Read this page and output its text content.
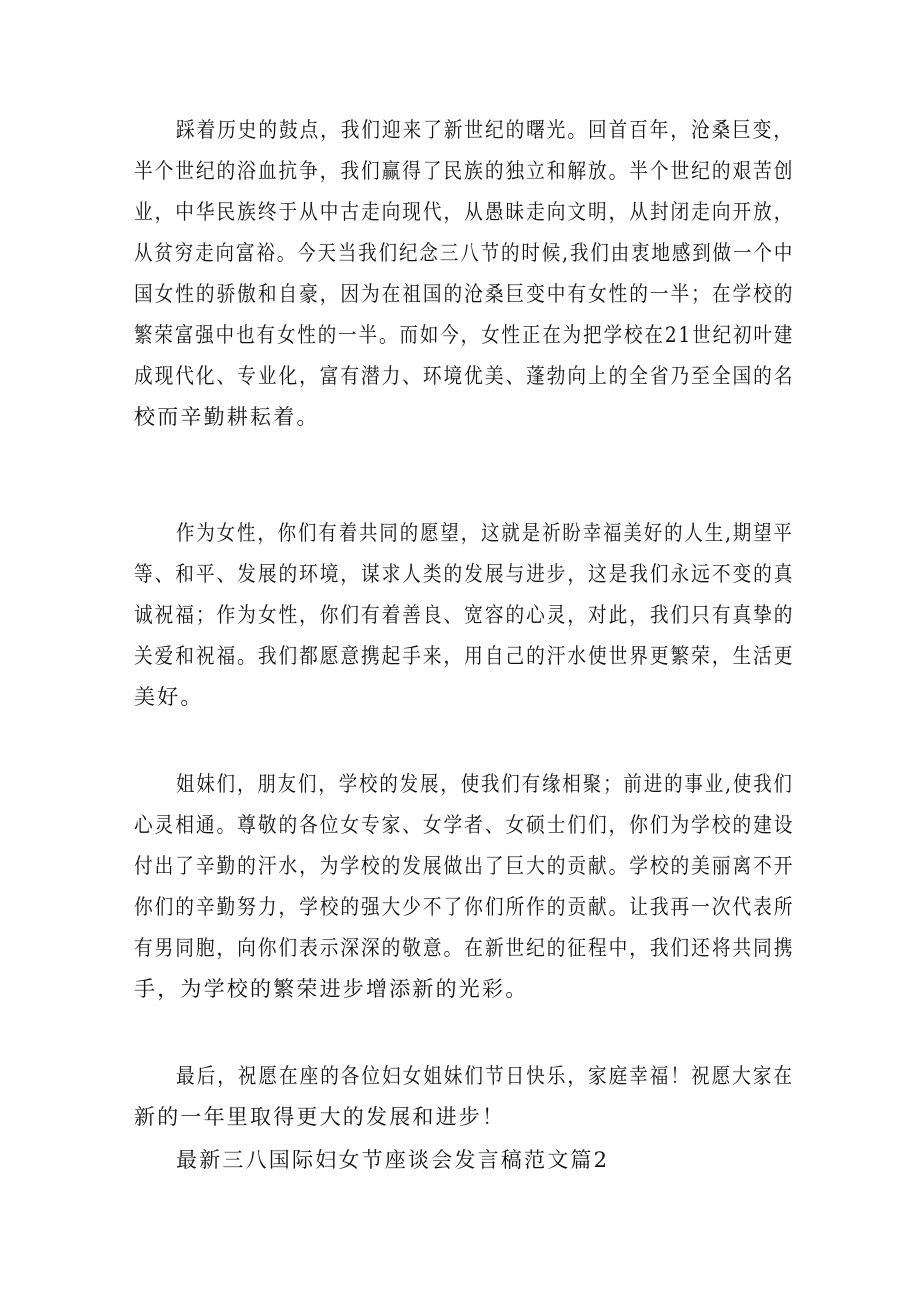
踩着历史的鼓点，我们迎来了新世纪的曙光。回首百年，沧桑巨变，
半个世纪的浴血抗争，我们赢得了民族的独立和解放。半个世纪的艰苦创
业，中华民族终于从中古走向现代，从愚昧走向文明，从封闭走向开放，
从贫穷走向富裕。今天当我们纪念三八节的时候,我们由衷地感到做一个中
国女性的骄傲和自豪，因为在祖国的沧桑巨变中有女性的一半；在学校的
繁荣富强中也有女性的一半。而如今，女性正在为把学校在21世纪初叶建
成现代化、专业化，富有潜力、环境优美、蓬勃向上的全省乃至全国的名
校而辛勤耕耘着。
作为女性，你们有着共同的愿望，这就是祈盼幸福美好的人生,期望平
等、和平、发展的环境，谋求人类的发展与进步，这是我们永远不变的真
诚祝福；作为女性，你们有着善良、宽容的心灵，对此，我们只有真挚的
关爱和祝福。我们都愿意携起手来，用自己的汗水使世界更繁荣，生活更
美好。
姐妹们，朋友们，学校的发展，使我们有缘相聚；前进的事业,使我们
心灵相通。尊敬的各位女专家、女学者、女硕士们们，你们为学校的建设
付出了辛勤的汗水，为学校的发展做出了巨大的贡献。学校的美丽离不开
你们的辛勤努力，学校的强大少不了你们所作的贡献。让我再一次代表所
有男同胞，向你们表示深深的敬意。在新世纪的征程中，我们还将共同携
手，为学校的繁荣进步增添新的光彩。
最后，祝愿在座的各位妇女姐妹们节日快乐，家庭幸福！祝愿大家在
新的一年里取得更大的发展和进步！
最新三八国际妇女节座谈会发言稿范文篇2
